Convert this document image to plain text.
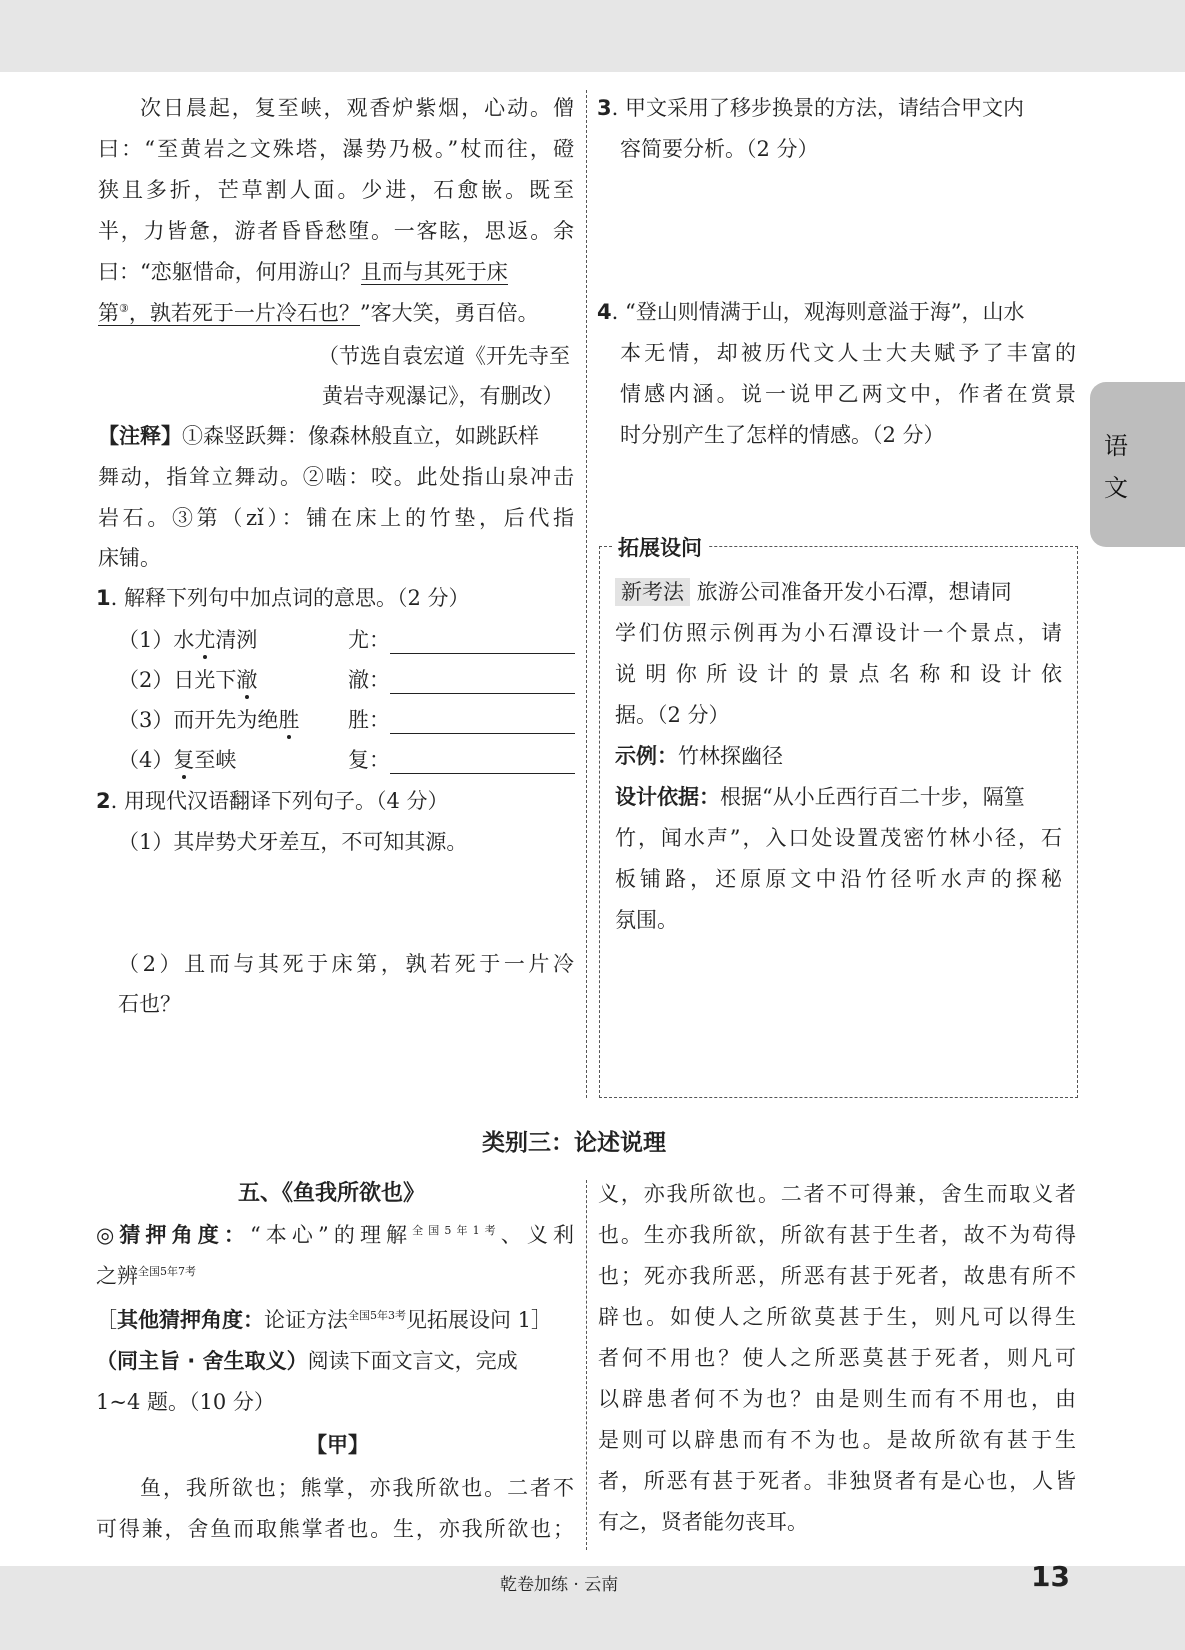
次日晨起，复至峡，观香炉紫烟，心动。僧
曰：“至黄岩之文殊塔，瀑势乃极。”杖而往，磴
狭且多折，芒草割人面。少进，石愈嵌。既至
半，力皆惫，游者昏昏愁堕。一客眩，思返。余
曰：“恋躯惜命，何用游山？且而与其死于床
第③，孰若死于一片冷石也？”客大笑，勇百倍。
（节选自袁宏道《开先寺至
黄岩寺观瀑记》，有删改）
【注释】①森竖跃舞：像森林般直立，如跳跃样
舞动，指耸立舞动。②啮：咬。此处指山泉冲击
岩石。③第（zǐ）：铺在床上的竹垫，后代指
床铺。
1. 解释下列句中加点词的意思。（2 分）
（1）水尤清洌	尤：
（2）日光下澈	澈：
（3）而开先为绝胜 胜：
（4）复至峡	复：
2. 用现代汉语翻译下列句子。（4 分）
（1）其岸势犬牙差互，不可知其源。
（2）且而与其死于床第，孰若死于一片冷
石也？
3. 甲文采用了移步换景的方法，请结合甲文内
容简要分析。（2 分）
4. “登山则情满于山，观海则意溢于海”，山水
本无情，却被历代文人士大夫赋予了丰富的
情感内涵。说一说甲乙两文中，作者在赏景
时分别产生了怎样的情感。（2 分）	语
文
拓展设问
新考法 旅游公司准备开发小石潭，想请同
学们仿照示例再为小石潭设计一个景点，请
说明你所设计的景点名称和设计依
据。（2 分）
示例：竹林探幽径
设计依据：根据“从小丘西行百二十步，隔篁
竹，闻水声”，入口处设置茂密竹林小径，石
板铺路，还原原文中沿竹径听水声的探秘
氛围。
类别三：论述说理
五、《鱼我所欲也》
◎猜押角度：“本心”的理解$^{全国5年1考}$、义利
之辨$^{全国5年7考}$
［其他猜押角度：论证方法$^{全国5年3考}$见拓展设问 1］
（同主旨 · 舍生取义）阅读下面文言文，完成
1~4 题。（10 分）
【甲】
鱼，我所欲也；熊掌，亦我所欲也。二者不
可得兼，舍鱼而取熊掌者也。生，亦我所欲也；
义，亦我所欲也。二者不可得兼，舍生而取义者
也。生亦我所欲，所欲有甚于生者，故不为苟得
也；死亦我所恶，所恶有甚于死者，故患有所不
辟也。如使人之所欲莫甚于生，则凡可以得生
者何不用也？使人之所恶莫甚于死者，则凡可
以辟患者何不为也？由是则生而有不用也，由
是则可以辟患而有不为也。是故所欲有甚于生
者，所恶有甚于死者。非独贤者有是心也，人皆
有之，贤者能勿丧耳。
乾卷加练 · 云南	13
